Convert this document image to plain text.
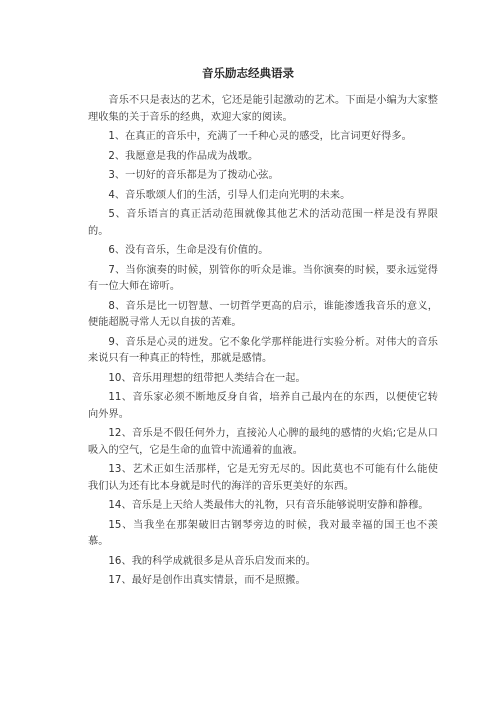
音乐励志经典语录

音乐不只是表达的艺术，它还是能引起激动的艺术。下面是小编为大家整理收集的关于音乐的经典，欢迎大家的阅读。

1、在真正的音乐中，充满了一千种心灵的感受，比言词更好得多。

2、我愿意是我的作品成为战歌。

3、一切好的音乐都是为了拨动心弦。

4、音乐歌颂人们的生活，引导人们走向光明的未来。

5、音乐语言的真正活动范围就像其他艺术的活动范围一样是没有界限的。

6、没有音乐，生命是没有价值的。

7、当你演奏的时候，别管你的听众是谁。当你演奏的时候，要永远觉得有一位大师在谛听。

8、音乐是比一切智慧、一切哲学更高的启示，谁能渗透我音乐的意义，便能超脱寻常人无以自拔的苦难。

9、音乐是心灵的迸发。它不象化学那样能进行实验分析。对伟大的音乐来说只有一种真正的特性，那就是感情。

10、音乐用理想的纽带把人类结合在一起。

11、音乐家必须不断地反身自省，培养自己最内在的东西，以便使它转向外界。

12、音乐是不假任何外力，直接沁人心脾的最纯的感情的火焰;它是从口吸入的空气，它是生命的血管中流通着的血液。

13、艺术正如生活那样，它是无穷无尽的。因此莫也不可能有什么能使我们认为还有比本身就是时代的海洋的音乐更美好的东西。

14、音乐是上天给人类最伟大的礼物，只有音乐能够说明安静和静穆。

15、当我坐在那架破旧古钢琴旁边的时候，我对最幸福的国王也不羡慕。

16、我的科学成就很多是从音乐启发而来的。

17、最好是创作出真实情景，而不是照搬。
